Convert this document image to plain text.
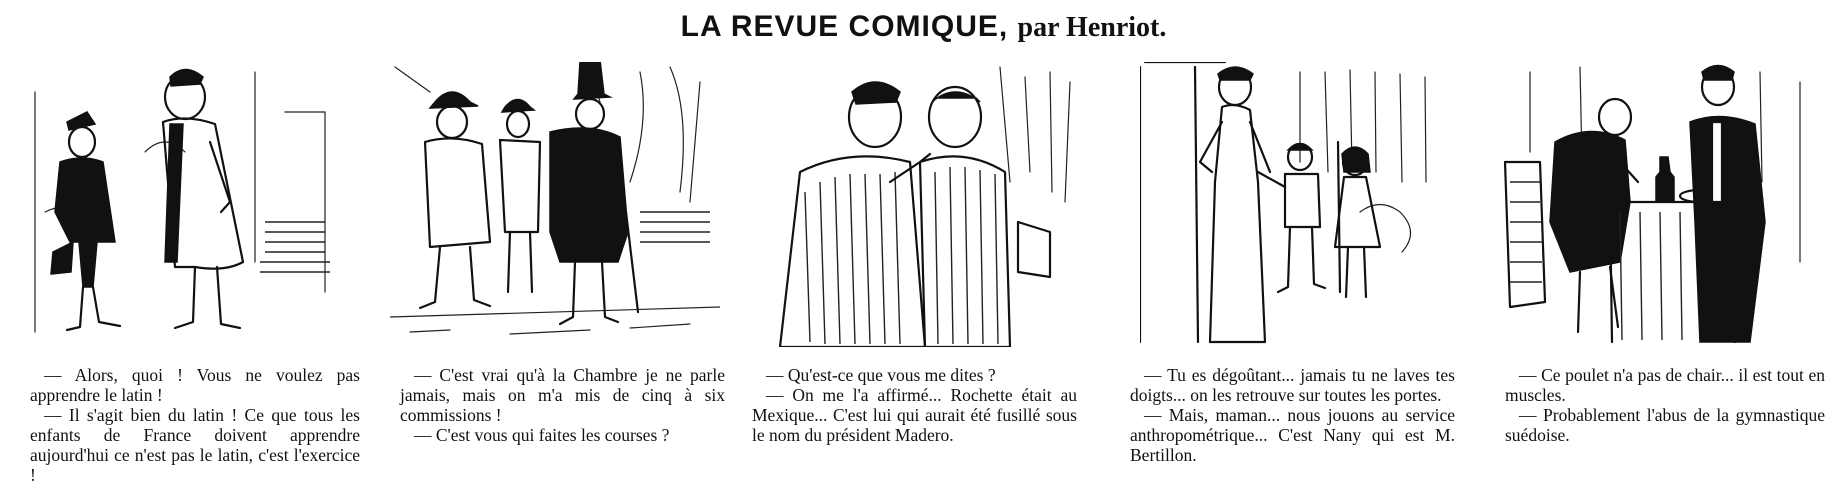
LA REVUE COMIQUE, par Henriot.

— Alors, quoi ! Vous ne voulez pas apprendre le latin !

— Il s'agit bien du latin ! Ce que tous les enfants de France doivent apprendre aujourd'hui ce n'est pas le latin, c'est l'exercice !

— C'est vrai qu'à la Chambre je ne parle jamais, mais on m'a mis de cinq à six commissions !

— C'est vous qui faites les courses ?

— Qu'est-ce que vous me dites ?

— On me l'a affirmé... Rochette était au Mexique... C'est lui qui aurait été fusillé sous le nom du président Madero.

— Tu es dégoûtant... jamais tu ne laves tes doigts... on les retrouve sur toutes les portes.

— Mais, maman... nous jouons au service anthropométrique... C'est Nany qui est M. Bertillon.

— Ce poulet n'a pas de chair... il est tout en muscles.

— Probablement l'abus de la gymnastique suédoise.
